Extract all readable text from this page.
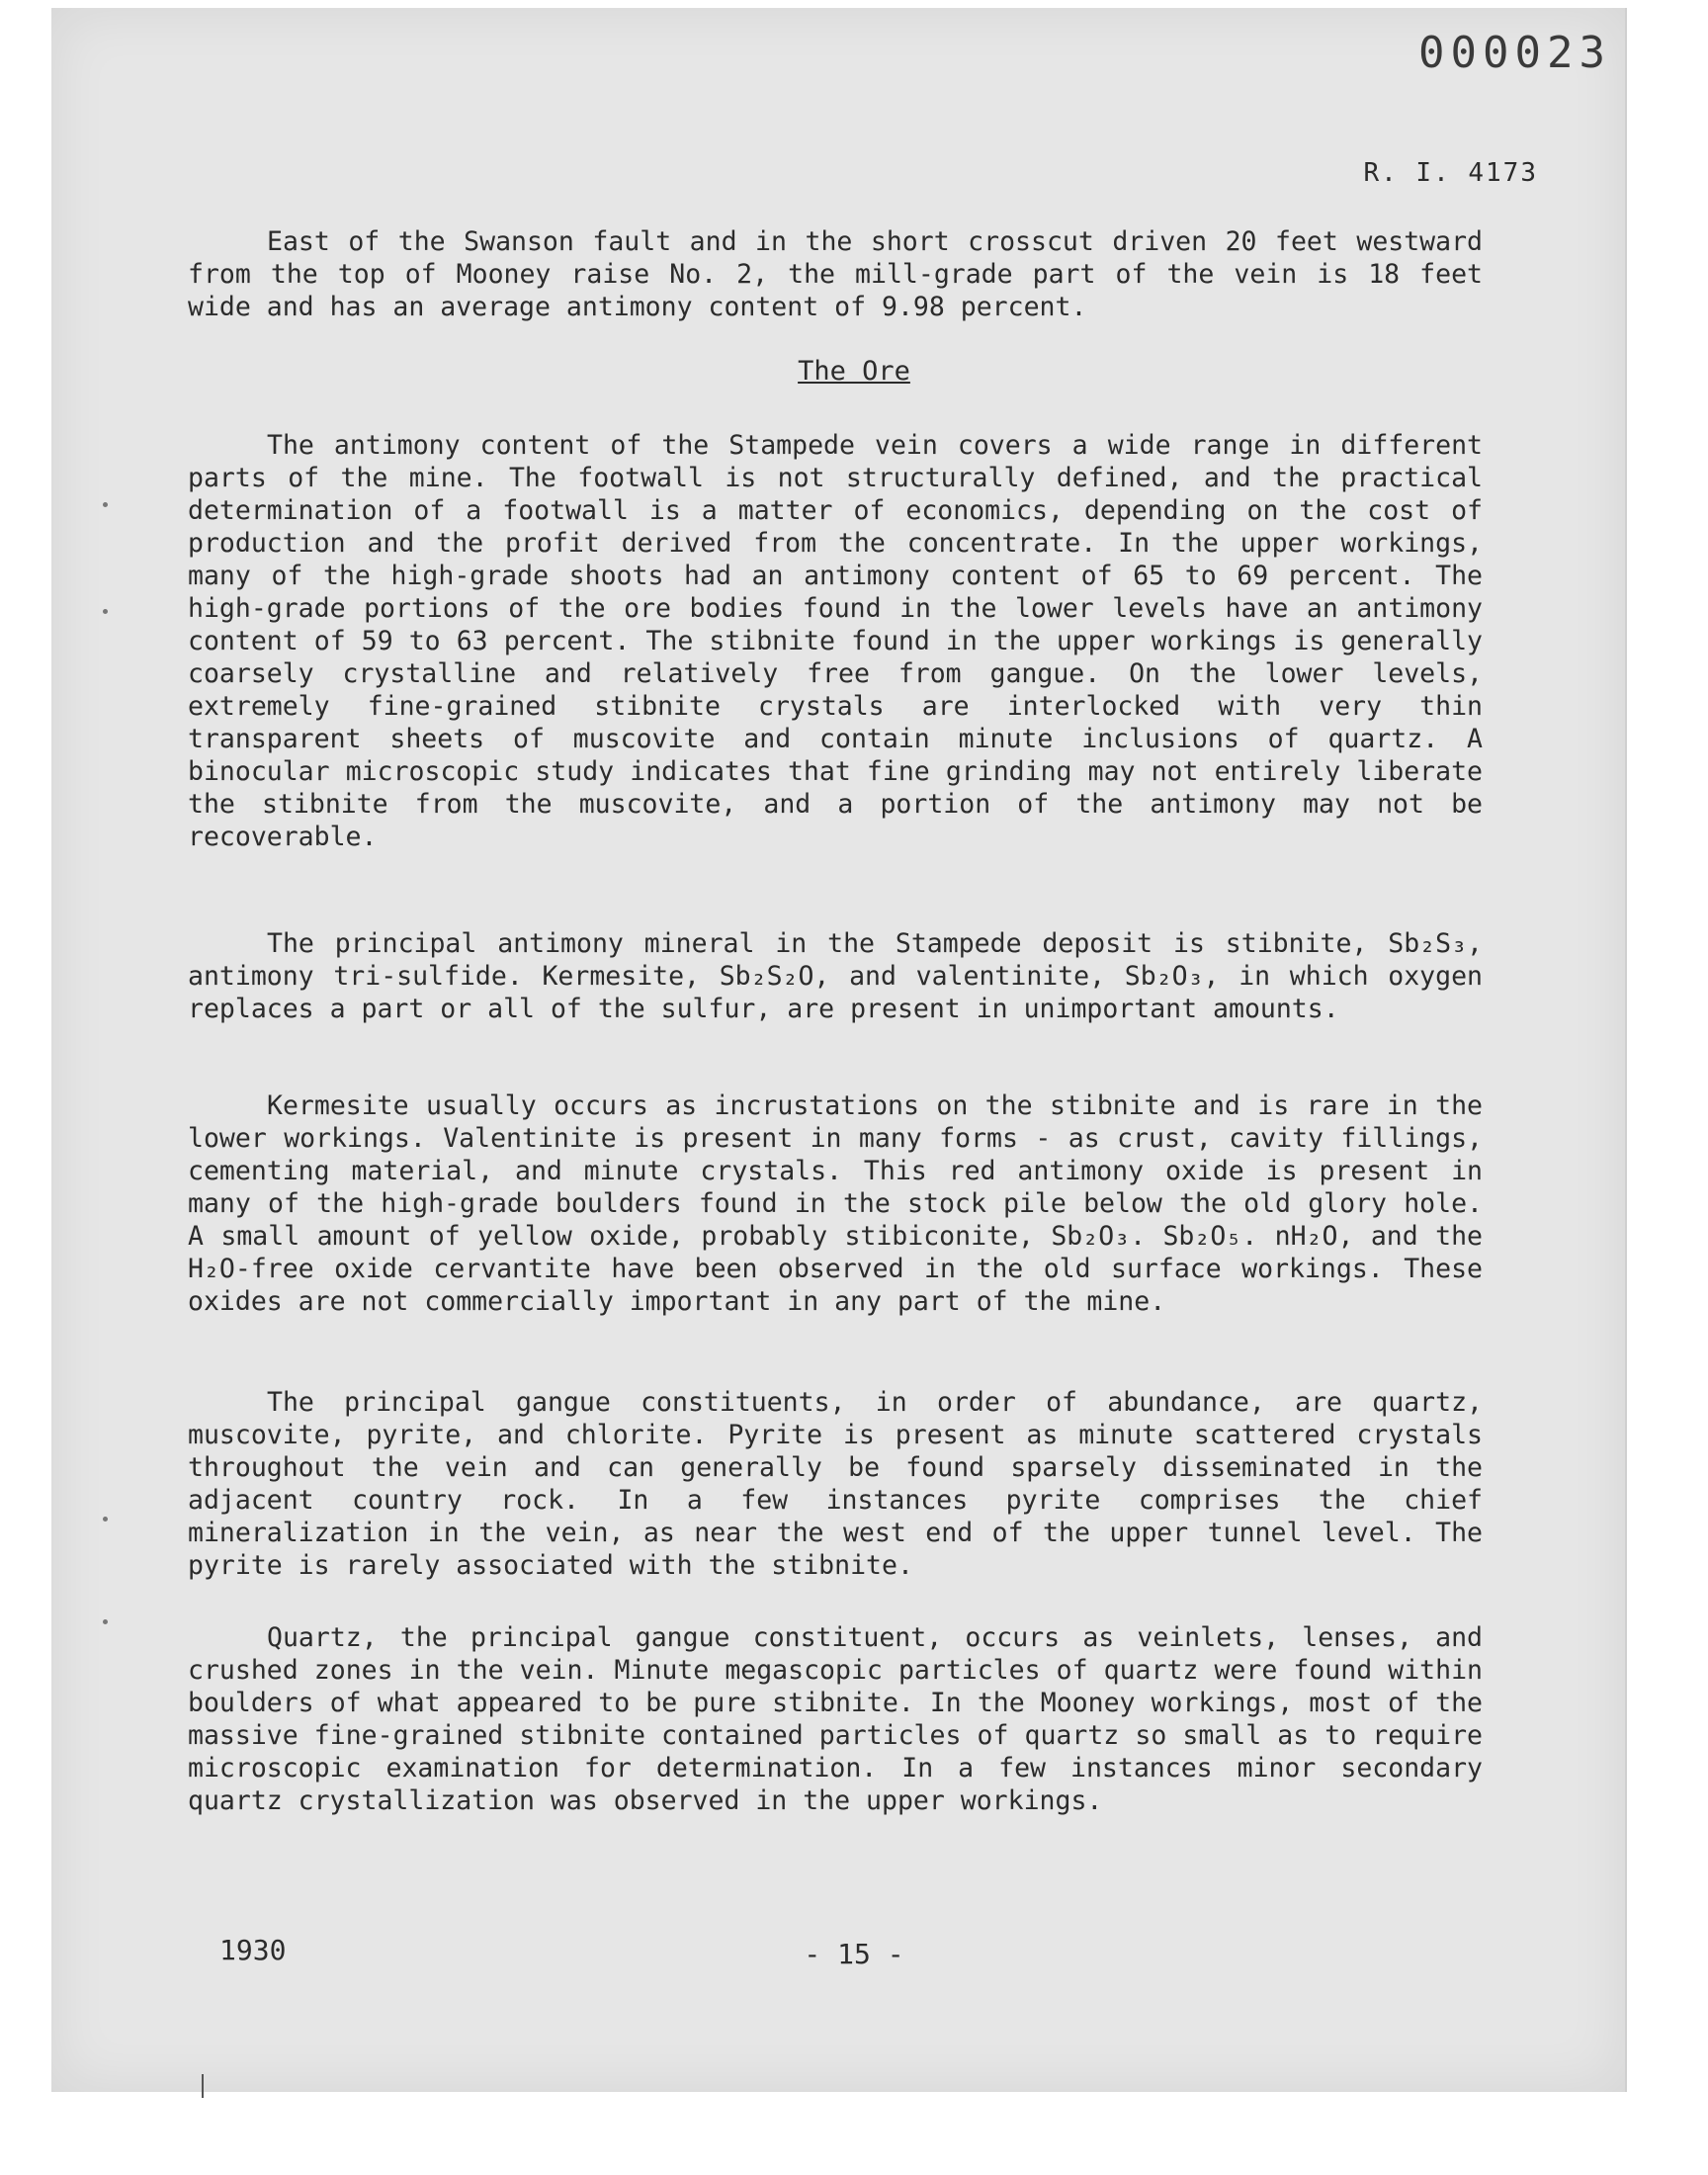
000023
R. I. 4173

East of the Swanson fault and in the short crosscut driven 20 feet westward from the top of Mooney raise No. 2, the mill-grade part of the vein is 18 feet wide and has an average antimony content of 9.98 percent.

The Ore

The antimony content of the Stampede vein covers a wide range in different parts of the mine. The footwall is not structurally defined, and the practical determination of a footwall is a matter of economics, depending on the cost of production and the profit derived from the concentrate. In the upper workings, many of the high-grade shoots had an antimony content of 65 to 69 percent. The high-grade portions of the ore bodies found in the lower levels have an antimony content of 59 to 63 percent. The stibnite found in the upper workings is generally coarsely crystalline and relatively free from gangue. On the lower levels, extremely fine-grained stibnite crystals are interlocked with very thin transparent sheets of muscovite and contain minute inclusions of quartz. A binocular microscopic study indicates that fine grinding may not entirely liberate the stibnite from the muscovite, and a portion of the antimony may not be recoverable.

The principal antimony mineral in the Stampede deposit is stibnite, Sb₂S₃, antimony tri-sulfide. Kermesite, Sb₂S₂O, and valentinite, Sb₂O₃, in which oxygen replaces a part or all of the sulfur, are present in unimportant amounts.

Kermesite usually occurs as incrustations on the stibnite and is rare in the lower workings. Valentinite is present in many forms - as crust, cavity fillings, cementing material, and minute crystals. This red antimony oxide is present in many of the high-grade boulders found in the stock pile below the old glory hole. A small amount of yellow oxide, probably stibiconite, Sb₂O₃. Sb₂O₅. nH₂O, and the H₂O-free oxide cervantite have been observed in the old surface workings. These oxides are not commercially important in any part of the mine.

The principal gangue constituents, in order of abundance, are quartz, muscovite, pyrite, and chlorite. Pyrite is present as minute scattered crystals throughout the vein and can generally be found sparsely disseminated in the adjacent country rock. In a few instances pyrite comprises the chief mineralization in the vein, as near the west end of the upper tunnel level. The pyrite is rarely associated with the stibnite.

Quartz, the principal gangue constituent, occurs as veinlets, lenses, and crushed zones in the vein. Minute megascopic particles of quartz were found within boulders of what appeared to be pure stibnite. In the Mooney workings, most of the massive fine-grained stibnite contained particles of quartz so small as to require microscopic examination for determination. In a few instances minor secondary quartz crystallization was observed in the upper workings.

1930	- 15 -
